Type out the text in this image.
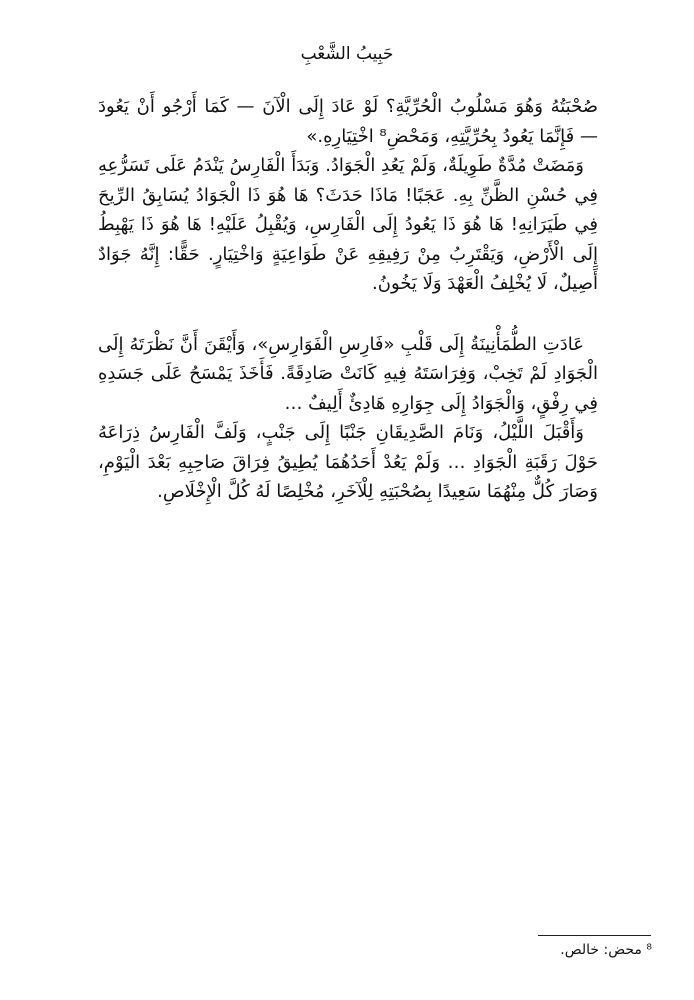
حَبِيبُ الشَّعْبِ

صُحْبَتُهُ وَهُوَ مَسْلُوبُ الْحُرِّيَّةِ؟ لَوْ عَادَ إِلَى الْآنَ — كَمَا أَرْجُو أَنْ يَعُودَ — فَإِنَّمَا يَعُودُ بِحُرِّيَّتِهِ، وَمَحْضِ⁸ اخْتِيَارِهِ.»

وَمَضَتْ مُدَّةٌ طَوِيلَةٌ، وَلَمْ يَعُدِ الْجَوَادُ. وَبَدَأَ الْفَارِسُ يَنْدَمُ عَلَى تَسَرُّعِهِ فِي حُسْنِ الظَّنِّ بِهِ. عَجَبًا! مَاذَا حَدَثَ؟ هَا هُوَ ذَا الْجَوَادُ يُسَابِقُ الرِّيحَ فِي طَيَرَانِهِ! هَا هُوَ ذَا يَعُودُ إِلَى الْفَارِسِ، وَيُقْبِلُ عَلَيْهِ! هَا هُوَ ذَا يَهْبِطُ إِلَى الْأَرْضِ، وَيَقْتَرِبُ مِنْ رَفِيقِهِ عَنْ طَوَاعِيَةٍ وَاخْتِيَارٍ. حَقًّا: إِنَّهُ جَوَادٌ أَصِيلٌ، لَا يُخْلِفُ الْعَهْدَ وَلَا يَخُونُ.

عَادَتِ الطُّمَأْنِينَةُ إِلَى قَلْبِ «فَارِسِ الْفَوَارِسِ»، وَأَيْقَنَ أَنَّ نَظْرَتَهُ إِلَى الْجَوَادِ لَمْ تَخِبْ، وَفِرَاسَتَهُ فِيهِ كَانَتْ صَادِقَةً. فَأَخَذَ يَمْسَحُ عَلَى جَسَدِهِ فِي رِفْقٍ، وَالْجَوَادُ إِلَى جِوَارِهِ هَادِئٌ أَلِيفٌ …

وَأَقْبَلَ اللَّيْلُ، وَنَامَ الصَّدِيقَانِ جَنْبًا إِلَى جَنْبٍ، وَلَفَّ الْفَارِسُ ذِرَاعَهُ حَوْلَ رَقَبَةِ الْجَوَادِ … وَلَمْ يَعُدْ أَحَدُهُمَا يُطِيقُ فِرَاقَ صَاحِبِهِ بَعْدَ الْيَوْمِ، وَصَارَ كُلٌّ مِنْهُمَا سَعِيدًا بِصُحْبَتِهِ لِلْآخَرِ، مُخْلِصًا لَهُ كُلَّ الْإِخْلَاصِ.

⁸ محض: خالص.
